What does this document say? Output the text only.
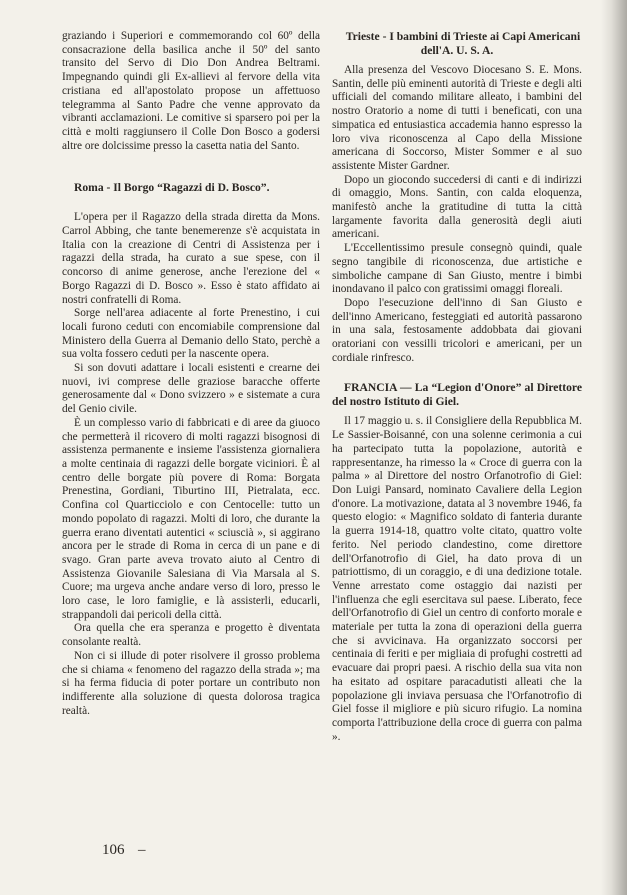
graziando i Superiori e commemorando col 60º della consacrazione della basilica anche il 50º del santo transito del Servo di Dio Don Andrea Beltrami. Impegnando quindi gli Ex-allievi al fervore della vita cristiana ed all'apostolato propose un affettuoso telegramma al Santo Padre che venne approvato da vibranti acclamazioni. Le comitive si sparsero poi per la città e molti raggiunsero il Colle Don Bosco a godersi altre ore dolcissime presso la casetta natia del Santo.

Roma - Il Borgo “Ragazzi di D. Bosco”.

L'opera per il Ragazzo della strada diretta da Mons. Carrol Abbing, che tante benemerenze s'è acquistata in Italia con la creazione di Centri di Assistenza per i ragazzi della strada, ha curato a sue spese, con il concorso di anime generose, anche l'erezione del « Borgo Ragazzi di D. Bosco ». Esso è stato affidato ai nostri confratelli di Roma.

Sorge nell'area adiacente al forte Prenestino, i cui locali furono ceduti con encomiabile comprensione dal Ministero della Guerra al Demanio dello Stato, perchè a sua volta fossero ceduti per la nascente opera.

Si son dovuti adattare i locali esistenti e crearne dei nuovi, ivi comprese delle graziose baracche offerte generosamente dal « Dono svizzero » e sistemate a cura del Genio civile.

È un complesso vario di fabbricati e di aree da giuoco che permetterà il ricovero di molti ragazzi bisognosi di assistenza permanente e insieme l'assistenza giornaliera a molte centinaia di ragazzi delle borgate viciniori. È al centro delle borgate più povere di Roma: Borgata Prenestina, Gordiani, Tiburtino III, Pietralata, ecc. Confina col Quarticciolo e con Centocelle: tutto un mondo popolato di ragazzi. Molti di loro, che durante la guerra erano diventati autentici « sciuscià », si aggirano ancora per le strade di Roma in cerca di un pane e di svago. Gran parte aveva trovato aiuto al Centro di Assistenza Giovanile Salesiana di Via Marsala al S. Cuore; ma urgeva anche andare verso di loro, presso le loro case, le loro famiglie, e là assisterli, educarli, strappandoli dai pericoli della città.

Ora quella che era speranza e progetto è diventata consolante realtà.

Non ci si illude di poter risolvere il grosso problema che si chiama « fenomeno del ragazzo della strada »; ma si ha ferma fiducia di poter portare un contributo non indifferente alla soluzione di questa dolorosa tragica realtà.

Trieste - I bambini di Trieste ai Capi Americani dell'A. U. S. A.

Alla presenza del Vescovo Diocesano S. E. Mons. Santin, delle più eminenti autorità di Trieste e degli alti ufficiali del comando militare alleato, i bambini del nostro Oratorio a nome di tutti i beneficati, con una simpatica ed entusiastica accademia hanno espresso la loro viva riconoscenza al Capo della Missione americana di Soccorso, Mister Sommer e al suo assistente Mister Gardner.

Dopo un giocondo succedersi di canti e di indirizzi di omaggio, Mons. Santin, con calda eloquenza, manifestò anche la gratitudine di tutta la città largamente favorita dalla generosità degli aiuti americani.

L'Eccellentissimo presule consegnò quindi, quale segno tangibile di riconoscenza, due artistiche e simboliche campane di San Giusto, mentre i bimbi inondavano il palco con gratissimi omaggi floreali.

Dopo l'esecuzione dell'inno di San Giusto e dell'inno Americano, festeggiati ed autorità passarono in una sala, festosamente addobbata dai giovani oratoriani con vessilli tricolori e americani, per un cordiale rinfresco.

FRANCIA — La “Legion d'Onore” al Direttore del nostro Istituto di Giel.

Il 17 maggio u. s. il Consigliere della Repubblica M. Le Sassier-Boisanné, con una solenne cerimonia a cui ha partecipato tutta la popolazione, autorità e rappresentanze, ha rimesso la « Croce di guerra con la palma » al Direttore del nostro Orfanotrofio di Giel: Don Luigi Pansard, nominato Cavaliere della Legion d'onore. La motivazione, datata al 3 novembre 1946, fa questo elogio: « Magnifico soldato di fanteria durante la guerra 1914-18, quattro volte citato, quattro volte ferito. Nel periodo clandestino, come direttore dell'Orfanotrofio di Giel, ha dato prova di un patriottismo, di un coraggio, e di una dedizione totale. Venne arrestato come ostaggio dai nazisti per l'influenza che egli esercitava sul paese. Liberato, fece dell'Orfanotrofio di Giel un centro di conforto morale e materiale per tutta la zona di operazioni della guerra che si avvicinava. Ha organizzato soccorsi per centinaia di feriti e per migliaia di profughi costretti ad evacuare dai propri paesi. A rischio della sua vita non ha esitato ad ospitare paracadutisti alleati che la popolazione gli inviava persuasa che l'Orfanotrofio di Giel fosse il migliore e più sicuro rifugio. La nomina comporta l'attribuzione della croce di guerra con palma ».

106 –
